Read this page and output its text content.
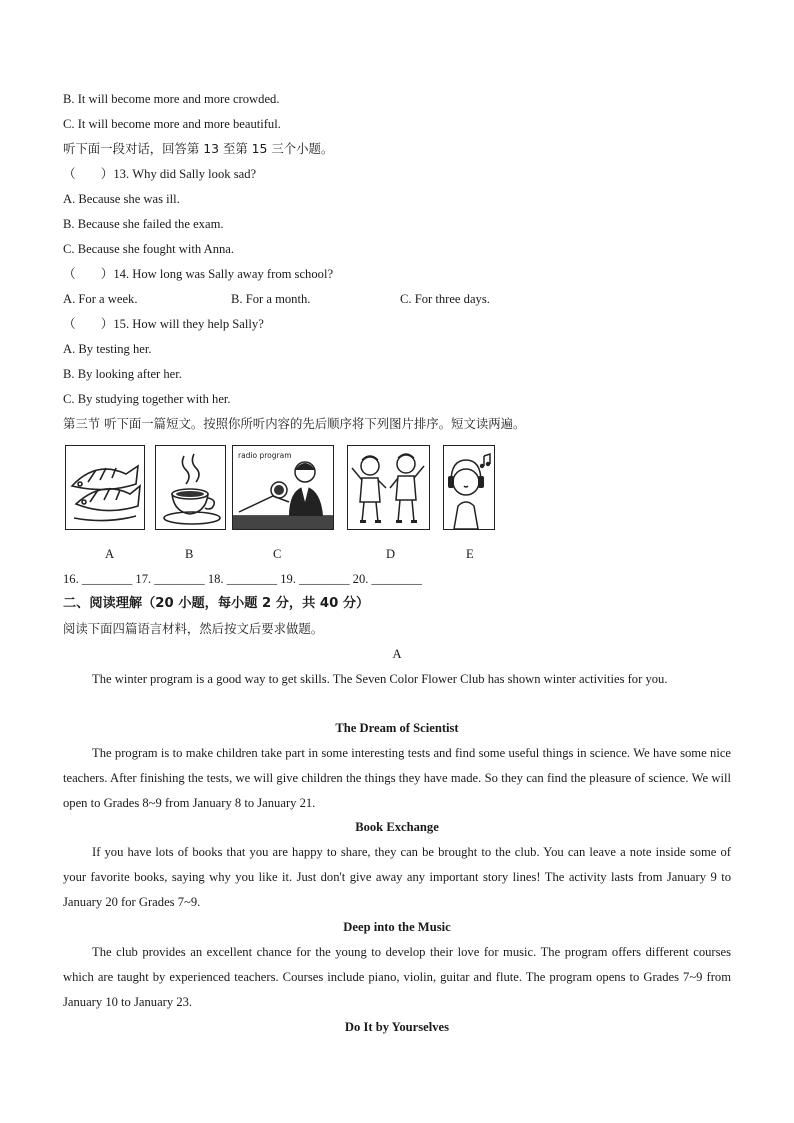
B. It will become more and more crowded.
C. It will become more and more beautiful.
听下面一段对话，回答第 13 至第 15 三个小题。
（　　）13. Why did Sally look sad?
A. Because she was ill.
B. Because she failed the exam.
C. Because she fought with Anna.
（　　）14. How long was Sally away from school?
A. For a week.	B. For a month.	C. For three days.
（　　）15. How will they help Sally?
A. By testing her.
B. By looking after her.
C. By studying together with her.
第三节 听下面一篇短文。按照你所听内容的先后顺序将下列图片排序。短文读两遍。
radio program
A	B	C	D	E
16. ________ 17. ________ 18. ________ 19. ________ 20. ________
二、阅读理解（20 小题，每小题 2 分，共 40 分）
阅读下面四篇语言材料，然后按文后要求做题。
A
The winter program is a good way to get skills. The Seven Color Flower Club has shown winter activities for you.
The Dream of Scientist
The program is to make children take part in some interesting tests and find some useful things in science. We have some nice teachers. After finishing the tests, we will give children the things they have made. So they can find the pleasure of science. We will open to Grades 8~9 from January 8 to January 21.
Book Exchange
If you have lots of books that you are happy to share, they can be brought to the club. You can leave a note inside some of your favorite books, saying why you like it. Just don't give away any important story lines! The activity lasts from January 9 to January 20 for Grades 7~9.
Deep into the Music
The club provides an excellent chance for the young to develop their love for music. The program offers different courses which are taught by experienced teachers. Courses include piano, violin, guitar and flute. The program opens to Grades 7~9 from January 10 to January 23.
Do It by Yourselves
